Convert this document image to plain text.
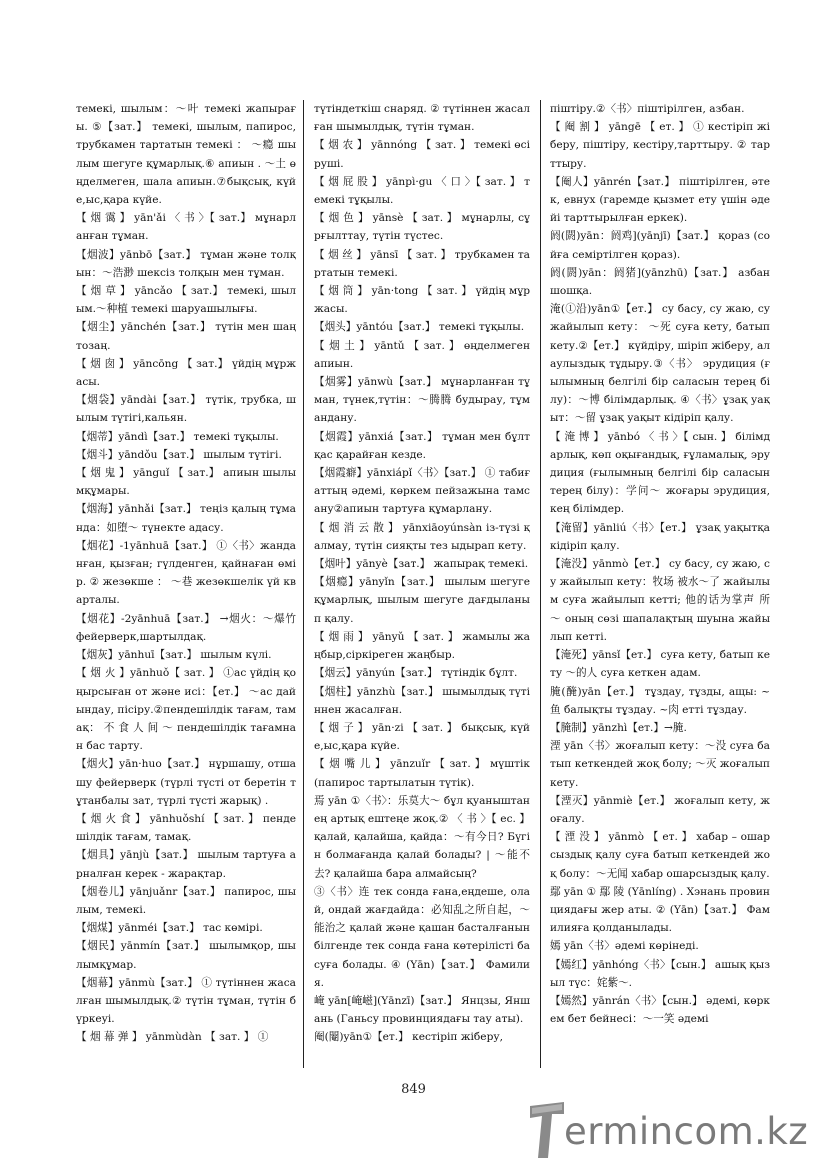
темекі, шылым：～叶 темекі жапырағы. ⑤【зат.】 темекі, шылым, папирос, трубкамен тартатын темекі ： ～瘾 шылым шегуге құмарлық.⑥ апиын . ～土 өңделмеген, шала апиын.⑦бықсық, күйе,ыс,қара күйе.

【 烟 霭 】 yān'ǎi 〈 书 〉【 зат.】 мұнарланған тұман.

【烟波】yānbō【зат.】 тұман және толқын：～浩渺 шексіз толқын мен тұман.

【 烟 草 】 yāncǎo 【 зат.】 темекі, шылым.～种植 темекі шаруашылығы.

【烟尘】yānchén【зат.】 түтін мен шаң тозаң.

【 烟 囱 】 yāncōng 【 зат.】 үйдің мұржасы.

【烟袋】yāndài【зат.】 түтік, трубка, шылым түтігі,кальян.

【烟蒂】yāndì【зат.】 темекі тұқылы.

【烟斗】yāndǒu【зат.】 шылым түтігі.

【 烟 鬼 】 yānguǐ 【 зат.】 апиын шылымқұмары.

【烟海】yānhǎi【зат.】 теңіз қалың тұманда：如堕～ түнекте адасу.

【烟花】-1yānhuā【зат.】 ①〈书〉жанданған, қызған; гүлденген, қайнаған өмір. ② жезөкше ： ～巷 жезөкшелік үй кварталы.

【烟花】-2yānhuā【зат.】 →烟火：～爆竹 фейерверк,шартылдақ.

【烟灰】yānhuī【зат.】 шылым күлі.

【 烟 火 】yānhuǒ【 зат. 】 ①ас үйдің қоңырсыған от және исі：【ет.】 ～ас дайындау, пісіру.②пендешілдік тағам, тамақ： 不 食 人 间 ～ пендешілдік тағамнан бас тарту.

【烟火】yān·huo【зат.】 нұршашу, отшашу фейерверк (түрлі түсті от беретін тұтанбалы зат, түрлі түсті жарық) .

【 烟 火 食 】 yānhuǒshí 【 зат. 】 пендешілдік тағам, тамақ.

【烟具】yānjù【зат.】 шылым тартуға арналған керек - жарақтар.

【烟卷儿】yānjuǎnr【зат.】 папирос, шылым, темекі.

【烟煤】yānméi【зат.】 тас көмірі.

【烟民】yānmín【зат.】 шылымқор, шылымқұмар.

【烟幕】yānmù【зат.】 ① түтіннен жасалған шымылдық.② түтін тұман, түтін бүркеуі.

【 烟 幕 弹 】 yānmùdàn 【 зат. 】 ①

түтіндеткіш снаряд. ② түтіннен жасалған шымылдық, түтін тұман.

【 烟 农 】 yānnóng 【 зат. 】 темекі өсіруші.

【 烟 屁 股 】 yānpì·gu 〈 口 〉【 зат. 】 темекі тұқылы.

【 烟 色 】 yānsè 【 зат. 】 мұнарлы, сұрғылттау, түтін түстес.

【 烟 丝 】 yānsī 【 зат. 】 трубкамен тартатын темекі.

【 烟 筒 】 yān·tong 【 зат. 】 үйдің мұржасы.

【烟头】yāntóu【зат.】 темекі тұқылы.

【 烟 土 】 yāntǔ 【 зат. 】 өңделмеген апиын.

【烟雾】yānwù【зат.】 мұнарланған тұман, түнек,түтін：～腾腾 будырау, тұмандану.

【烟霞】yānxiá【зат.】 тұман мен бұлт қас қарайған кезде.

【烟霞癖】yānxiápǐ〈书〉【зат.】 ① табиғаттың әдемі, көркем пейзажына тамсану②апиын тартуға құмарлану.

【 烟 消 云 散 】 yānxiāoyúnsàn із-түзі қалмау, түтін сияқты тез ыдырап кету.

【烟叶】yānyè【зат.】 жапырақ темекі.

【烟瘾】yānyǐn【зат.】 шылым шегуге құмарлық, шылым шегуге дағдыланып қалу.

【 烟 雨 】 yānyǔ 【 зат. 】 жамылы жаңбыр,сіркіреген жаңбыр.

【烟云】yānyún【зат.】 түтіндік бұлт.

【烟柱】yānzhù【зат.】 шымылдық түтіннен жасалған.

【 烟 子 】 yān·zi 【 зат. 】 бықсық, күйе,ыс,қара күйе.

【 烟 嘴 儿 】 yānzuǐr 【 зат. 】 мүштік (папирос тартылатын түтік).

焉 yān ①〈书〉：乐莫大～ бұл қуаныштан ең артық ештеңе жоқ.② 〈 书 〉【 ес. 】 қалай, қалайша, қайда：～有今日? Бүгін болмағанда қалай болады? | ～能不去? қалайша бара алмайсың?

③〈书〉连 тек сонда ғана,еңдеше, олай, ондай жағдайда：必知乱之所自起，～能治之 қалай және қашан басталғанын білгенде тек сонда ғана көтерілісті басуға болады. ④ (Yān)【зат.】 Фамилия.

崦 yān[崦嵫](Yānzī)【зат.】 Янцзы, Яншань (Ганьсу провинциядағы тау аты).

阉(閹)yān①【ет.】 кестіріп жіберу,

піштіру.②〈书〉піштірілген, азбан.

【 阉 割 】 yāngē 【 ет. 】 ① кестіріп жіберу, піштіру, кестіру,тарттыру. ② тарттыру.

【阉人】yānrén【зат.】 піштірілген, әтек, евнух (гаремде қызмет ету үшін әдейі тарттырылған еркек).

阏(閼)yān：阏鸡](yānjī)【зат.】 қораз (сойға семіртілген қораз).

阏(閼)yān：阏猪](yānzhū)【зат.】 азбан шошқа.

淹(①沿)yān①【ет.】 су басу, су жаю, су жайылып кету： ～死 суға кету, батып кету.②【ет.】 күйдіру, шіріп жіберу, алаулыздық тұдыру.③〈书〉 эрудиция (ғылымның белгілі бір саласын терең білу)：～博 білімдарлық. ④〈书〉ұзақ уақыт：～留 ұзақ уақыт кідіріп қалу.

【 淹 博 】 yānbó 〈 书 〉【 сын. 】 білімдарлық, көп оқығандық, ғұламалық, эрудиция (ғылымның белгілі бір саласын терең білу)：学问～ жоғары эрудиция, кең білімдер.

【淹留】yānliú〈书〉【ет.】 ұзақ уақытқа кідіріп қалу.

【淹没】yānmò【ет.】 су басу, су жаю, су жайылып кету：牧场 被水～了 жайылым суға жайылып кетті; 他的话为掌声 所 ～ оның сөзі шапалақтың шуына жайылып кетті.

【淹死】yānsǐ【ет.】 суға кету, батып кету ～的人 суға кеткен адам.

腌(醃)yān【ет.】 тұздау, тұзды, ащы: ~鱼 балықты тұздау. ~肉 етті тұздау.

【腌制】yānzhì【ет.】→腌.

湮 yān〈书〉жоғалып кету：～没 суға батып кеткендей жоқ болу; ～灭 жоғалып кету.

【湮灭】yānmiè【ет.】 жоғалып кету, жоғалу.

【 湮 没 】 yānmò 【 ет. 】 хабар – ошарсыздық қалу суға батып кеткендей жоқ болу：～无闻 хабар ошарсыздық қалу.

鄢 yān ① 鄢 陵 (Yānlíng) . Хэнань провинциядағы жер аты. ② (Yān)【зат.】 Фамилияға қолданылады.

嫣 yān〈书〉әдемі көрінеді.

【嫣红】yānhóng〈书〉【сын.】 ашық қызыл түс：姹紫～.

【嫣然】yānrán〈书〉【сын.】 әдемі, көркем бет бейнесі：～一笑 әдемі

849
ermincom.kz
